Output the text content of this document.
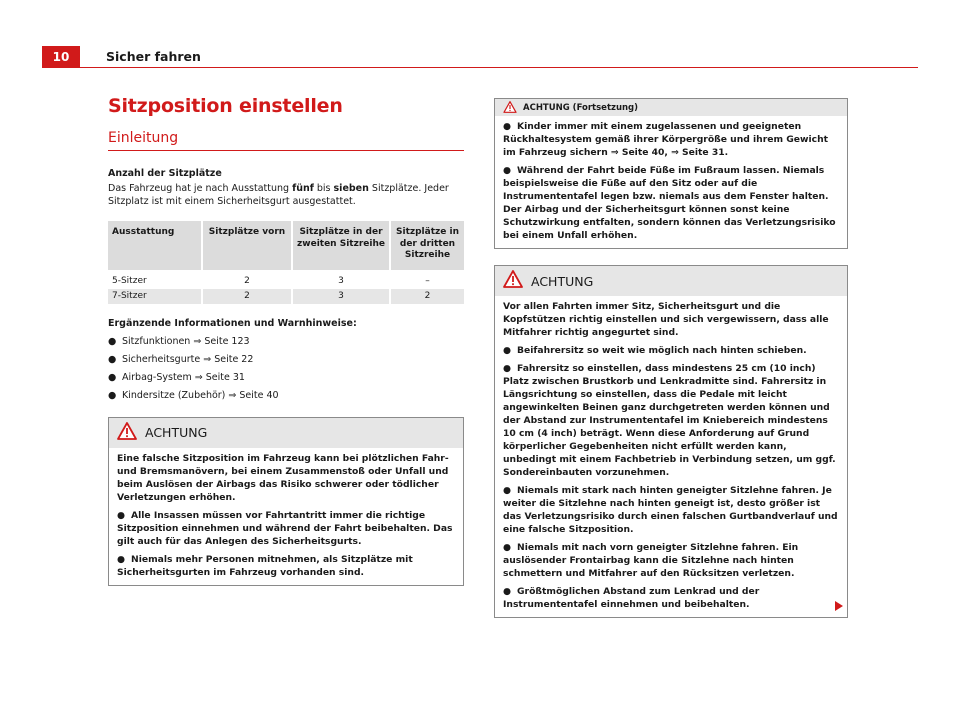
10	Sicher fahren
Sitzposition einstellen
Einleitung
Anzahl der Sitzplätze

Das Fahrzeug hat je nach Ausstattung fünf bis sieben Sitzplätze. Jeder Sitzplatz ist mit einem Sicherheitsgurt ausgestattet.

Ausstattung	Sitzplätze vorn	Sitzplätze in der zweiten Sitzreihe	Sitzplätze in der dritten Sitzreihe

5-Sitzer	2	3	–
7-Sitzer	2	3	2
Ergänzende Informationen und Warnhinweise:
● Sitzfunktionen ⇒ Seite 123
● Sicherheitsgurte ⇒ Seite 22
● Airbag-System ⇒ Seite 31
● Kindersitze (Zubehör) ⇒ Seite 40
ACHTUNG
Eine falsche Sitzposition im Fahrzeug kann bei plötzlichen Fahr- und Bremsmanövern, bei einem Zusammenstoß oder Unfall und beim Auslösen der Airbags das Risiko schwerer oder tödlicher Verletzungen erhöhen.
● Alle Insassen müssen vor Fahrtantritt immer die richtige Sitzposition einnehmen und während der Fahrt beibehalten. Das gilt auch für das Anlegen des Sicherheitsgurts.
● Niemals mehr Personen mitnehmen, als Sitzplätze mit Sicherheitsgurten im Fahrzeug vorhanden sind.
ACHTUNG (Fortsetzung)
● Kinder immer mit einem zugelassenen und geeigneten Rückhaltesystem gemäß ihrer Körpergröße und ihrem Gewicht im Fahrzeug sichern ⇒ Seite 40, ⇒ Seite 31.
● Während der Fahrt beide Füße im Fußraum lassen. Niemals beispielsweise die Füße auf den Sitz oder auf die Instrumententafel legen bzw. niemals aus dem Fenster halten. Der Airbag und der Sicherheitsgurt können sonst keine Schutzwirkung entfalten, sondern können das Verletzungsrisiko bei einem Unfall erhöhen.
ACHTUNG
Vor allen Fahrten immer Sitz, Sicherheitsgurt und die Kopfstützen richtig einstellen und sich vergewissern, dass alle Mitfahrer richtig angegurtet sind.
● Beifahrersitz so weit wie möglich nach hinten schieben.
● Fahrersitz so einstellen, dass mindestens 25 cm (10 inch) Platz zwischen Brustkorb und Lenkradmitte sind. Fahrersitz in Längsrichtung so einstellen, dass die Pedale mit leicht angewinkelten Beinen ganz durchgetreten werden können und der Abstand zur Instrumententafel im Kniebereich mindestens 10 cm (4 inch) beträgt. Wenn diese Anforderung auf Grund körperlicher Gegebenheiten nicht erfüllt werden kann, unbedingt mit einem Fachbetrieb in Verbindung setzen, um ggf. Sondereinbauten vorzunehmen.
● Niemals mit stark nach hinten geneigter Sitzlehne fahren. Je weiter die Sitzlehne nach hinten geneigt ist, desto größer ist das Verletzungsrisiko durch einen falschen Gurtbandverlauf und eine falsche Sitzposition.
● Niemals mit nach vorn geneigter Sitzlehne fahren. Ein auslösender Frontairbag kann die Sitzlehne nach hinten schmettern und Mitfahrer auf den Rücksitzen verletzen.
● Größtmöglichen Abstand zum Lenkrad und der Instrumententafel einnehmen und beibehalten.
